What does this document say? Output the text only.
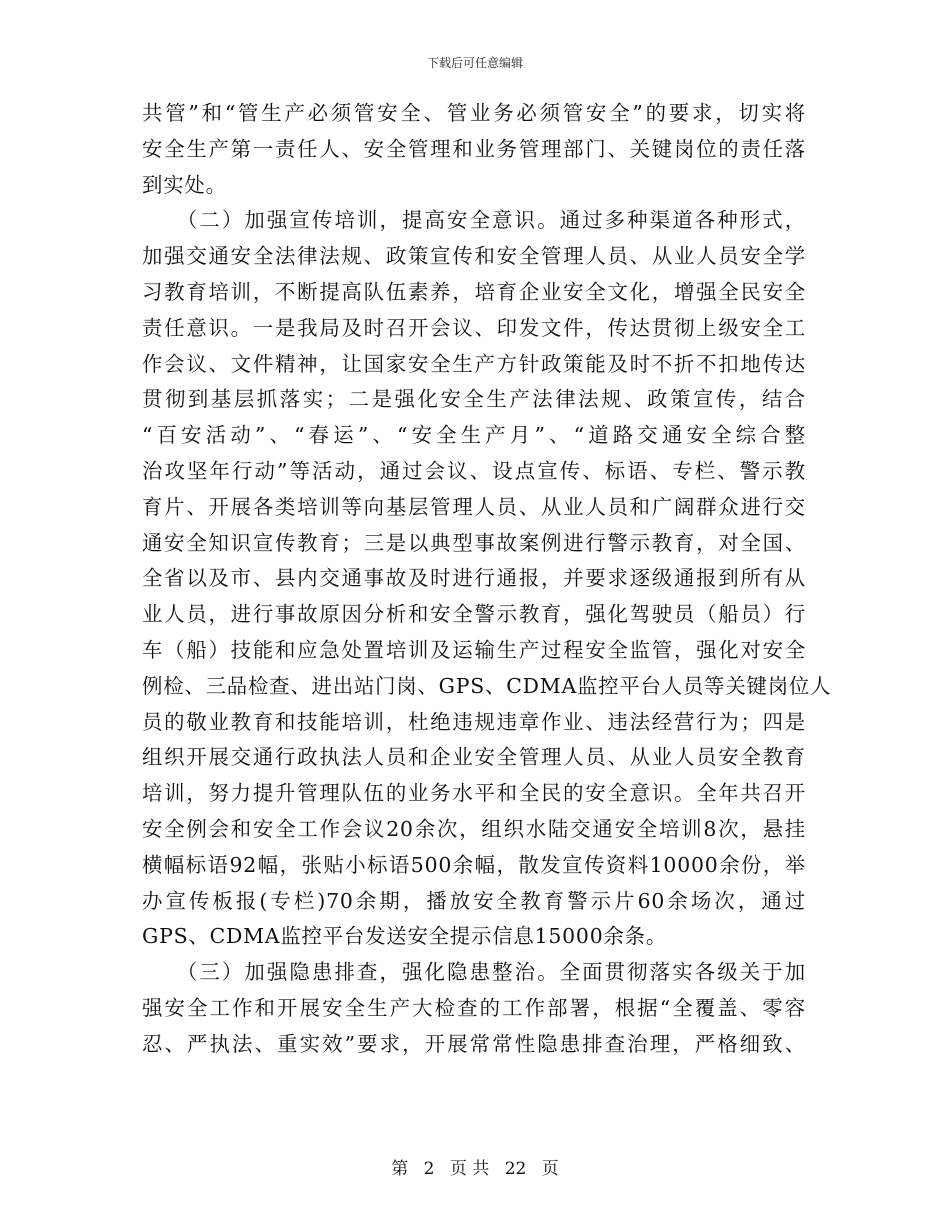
下载后可任意编辑
共管”和“管生产必须管安全、管业务必须管安全”的要求，切实将
安全生产第一责任人、安全管理和业务管理部门、关键岗位的责任落
到实处。
　　（二）加强宣传培训，提高安全意识。通过多种渠道各种形式，
加强交通安全法律法规、政策宣传和安全管理人员、从业人员安全学
习教育培训，不断提高队伍素养，培育企业安全文化，增强全民安全
责任意识。一是我局及时召开会议、印发文件，传达贯彻上级安全工
作会议、文件精神，让国家安全生产方针政策能及时不折不扣地传达
贯彻到基层抓落实；二是强化安全生产法律法规、政策宣传，结合
“百安活动”、“春运”、“安全生产月”、“道路交通安全综合整
治攻坚年行动”等活动，通过会议、设点宣传、标语、专栏、警示教
育片、开展各类培训等向基层管理人员、从业人员和广阔群众进行交
通安全知识宣传教育；三是以典型事故案例进行警示教育，对全国、
全省以及市、县内交通事故及时进行通报，并要求逐级通报到所有从
业人员，进行事故原因分析和安全警示教育，强化驾驶员（船员）行
车（船）技能和应急处置培训及运输生产过程安全监管，强化对安全
例检、三品检查、进出站门岗、GPS、CDMA监控平台人员等关键岗位人
员的敬业教育和技能培训，杜绝违规违章作业、违法经营行为；四是
组织开展交通行政执法人员和企业安全管理人员、从业人员安全教育
培训，努力提升管理队伍的业务水平和全民的安全意识。全年共召开
安全例会和安全工作会议20余次，组织水陆交通安全培训8次，悬挂
横幅标语92幅，张贴小标语500余幅，散发宣传资料10000余份，举
办宣传板报(专栏)70余期，播放安全教育警示片60余场次，通过
GPS、CDMA监控平台发送安全提示信息15000余条。
　　（三）加强隐患排查，强化隐患整治。全面贯彻落实各级关于加
强安全工作和开展安全生产大检查的工作部署，根据“全覆盖、零容
忍、严执法、重实效”要求，开展常常性隐患排查治理，严格细致、
第 2 页 共 22 页
